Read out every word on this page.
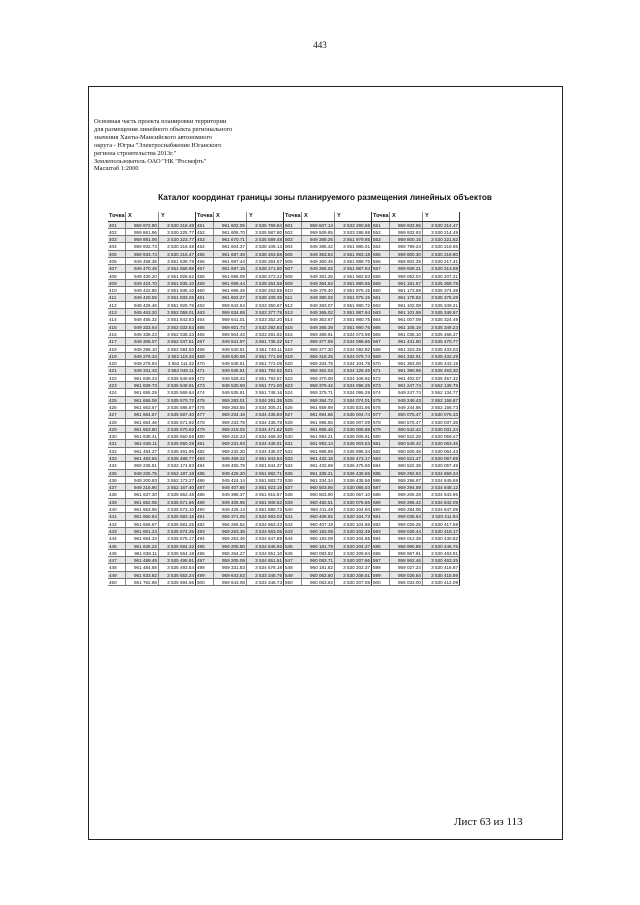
443
Основная часть проекта планировки территории
для размещения линейного объекта регионального
значения Ханты-Мансийского автономного
округа - Югры "Электроснабжение Юганского
региона строительства 2013г."
Землепользователь ОАО "НК "Роснефть"
Масштаб 1:2000
Каталог координат границы зоны планируемого размещения линейных объектов
Точка X	Y
401	959 972.80	3 530 218.48
402	959 861.96	3 530 225.77
403	959 891.06	3 530 223.77
404	959 932.73	3 530 216.48
405	959 933.73	3 530 216.47
406	949 458.36	3 551 639.78
407	949 470.48	3 551 658.88
408	949 430.20	3 551 928.52
409	949 424.70	3 551 935.10
410	949 422.86	3 551 935.10
411	949 420.55	3 551 933.26
412	949 426.46	3 551 925.76
413	949 463.20	3 552 059.01
414	949 455.32	3 551 843.83
415	949 333.64	3 552 033.63
416	949 338.23	3 552 038.33
417	949 306.07	3 552 047.51
418	949 298.10	3 552 084.93
419	949 279.34	3 552 119.33
420	949 275.94	3 552 111.32
421	949 331.43	3 552 046.11
422	961 839.43	3 535 549.69
423	961 839.73	3 535 549.91
424	961 655.29	3 535 569.64
425	961 656.06	3 535 570.72
426	961 663.67	3 535 586.87
427	961 664.67	3 535 587.40
428	961 654.46	3 535 571.92
429	961 653.60	3 535 570.82
430	961 638.41	3 535 550.59
431	961 636.11	3 535 550.28
432	961 484.27	3 535 491.96
433	961 483.56	3 535 488.77
434	959 235.51	3 532 174.83
435	949 225.75	3 552 187.18
436	949 200.83	3 552 173.27
437	949 216.90	3 552 167.40
438	961 637.30	3 535 552.48
439	961 652.06	3 535 571.66
440	961 653.96	3 535 573.10
441	961 660.84	3 535 583.15
442	961 656.67	3 535 581.25
443	961 651.24	3 535 574.35
444	961 654.34	3 535 575.17
445	961 636.22	3 535 584.33
446	961 636.11	3 535 564.18
447	961 489.49	3 535 495.91
448	961 484.68	3 535 493.54
449	961 633.82	3 535 552.24
450	961 762.88	3 535 694.66
Точка X	Y
451	961 602.05	3 535 769.84
452	961 606.70	3 535 587.80
453	961 670.71	3 535 589.48
454	961 604.37	3 538 108.13
455	961 697.49	3 538 263.68
456	961 697.44	3 538 264.67
457	961 697.15	3 538 271.80
458	961 695.09	3 538 273.22
459	961 696.44	3 538 264.58
460	961 695.49	3 538 263.59
461	961 602.27	3 538 109.35
462	959 642.54	3 533 350.67
463	959 634.89	3 533 377.79
464	959 641.01	3 533 352.20
465	959 601.73	3 533 292.83
466	959 504.43	3 533 281.82
467	949 641.97	3 561 736.32
468	949 540.91	3 561 746.11
469	949 530.59	3 551 771.06
470	949 538.51	3 551 772.08
471	949 536.61	3 551 792.52
472	949 526.42	3 551 792.57
473	949 530.59	3 551 771.00
474	949 535.61	3 551 748.16
475	959 283.01	3 534 291.35
476	959 283.55	3 534 305.21
477	959 234.16	3 534 435.83
478	959 233.78	3 534 436.78
479	959 219.02	3 534 471.62
480	959 218.23	3 534 468.30
481	959 231.93	3 534 436.01
482	959 232.30	3 534 435.07
483	949 459.32	3 551 843.64
484	949 455.79	3 551 844.37
485	949 425.20	3 551 882.71
486	949 424.14	3 551 883.73
487	949 407.85	3 551 923.15
488	949 398.37	3 551 915.57
489	949 405.95	3 551 908.52
490	949 426.14	3 551 880.73
491	959 371.05	3 534 693.03
492	958 265.52	3 534 653.43
493	959 263.36	3 534 653.05
494	959 253.46	3 534 647.89
495	959 205.80	3 534 645.93
496	958 264.27	3 534 651.10
497	959 205.09	3 534 651.51
498	959 331.83	3 534 678.18
499	959 643.63	3 533 348.75
500	959 643.08	3 533 348.73
Точка X	Y
501	959 507.14	3 533 290.58
502	959 509.85	3 533 288.68
503	949 389.26	3 551 979.85
504	949 385.42	3 551 985.01
505	949 363.84	3 551 993.18
506	949 360.45	3 551 989.76
507	949 365.02	3 551 987.94
508	949 381.26	3 551 982.93
509	949 364.63	3 551 980.55
510	949 379.40	3 551 975.15
511	949 380.02	3 551 975.15
512	949 383.07	3 551 980.72
513	949 365.02	3 551 987.94
514	949 363.67	3 551 980.75
515	949 365.39	3 551 990.76
516	959 389.91	3 534 073.98
517	959 377.59	3 534 095.96
518	959 377.30	3 534 092.92
519	959 318.25	3 534 076.74
520	959 334.75	3 534 104.78
521	959 362.03	3 534 128.46
522	959 370.08	3 534 108.92
523	959 379.42	3 534 096.25
524	959 375.71	3 534 095.28
525	959 384.72	3 534 074.01
526	961 659.98	3 535 831.86
527	961 694.66	3 536 004.74
528	961 995.56	3 536 007.09
529	961 695.46	3 536 006.88
530	961 993.21	3 536 005.91
531	961 993.14	3 536 003.63
532	961 986.89	3 535 996.34
533	961 432.16	3 536 473.17
534	961 432.69	3 536 475.56
535	961 335.21	3 536 436.65
536	961 334.34	3 536 435.56
537	960 503.86	3 530 065.03
538	960 503.90	3 530 067.10
539	960 482.51	3 530 075.86
540	960 411.49	3 530 104.94
541	960 408.92	3 530 104.73
542	960 407.19	3 530 104.86
543	960 183.09	3 530 202.49
544	960 183.09	3 530 204.55
545	960 181.79	3 530 204.37
546	960 083.82	3 530 209.94
547	960 083.71	3 530 207.96
548	960 181.82	3 530 202.37
549	960 063.60	3 530 208.51
550	960 063.63	3 530 207.08
Точка X	Y
551	959 933.65	3 530 214.47
552	959 932.63	3 530 214.49
553	959 800.15	3 530 221.82
554	959 799.24	3 530 219.65
555	959 800.30	3 530 219.80
556	958 802.29	3 530 217.41
557	959 939.21	3 530 213.69
558	959 062.04	3 530 207.21
559	961 181.67	3 535 369.78
560	961 173.69	3 535 374.39
561	961 178.62	3 535 378.28
562	961 102.08	3 535 349.21
563	961 101.59	3 535 348.97
564	961 007.09	3 535 324.49
565	961 105.19	3 535 349.23
566	961 038.10	3 535 468.37
567	961 431.50	3 535 470.77
568	961 323.29	3 535 433.03
569	961 332.91	3 535 432.29
570	961 363.08	3 535 443.19
571	961 390.96	3 535 453.30
572	961 402.07	3 535 457.32
573	961 247.74	3 562 138.78
574	949 247.74	3 552 134.77
575	949 248.43	3 552 158.87
576	949 244.86	3 552 156.73
577	950 075.47	3 530 076.33
578	960 575.47	3 530 037.36
579	960 542.42	3 530 031.24
580	960 522.28	3 530 059.47
581	960 549.42	3 530 063.46
582	960 505.48	3 530 064.43
583	960 521.47	3 530 067.69
584	960 522.38	3 530 057.49
585	959 292.63	3 534 659.34
586	959 296.67	3 534 649.69
587	959 294.59	3 534 648.12
588	959 206.28	3 534 643.95
589	959 285.42	3 534 642.09
590	959 284.06	3 534 647.09
591	959 036.54	3 530 411.84
592	959 029.25	3 530 417.59
593	959 026.44	3 530 418.17
594	959 012.48	3 530 430.62
595	958 990.88	3 530 446.76
596	958 967.91	3 530 463.91
597	958 962.46	3 530 463.25
598	959 027.24	3 530 416.87
599	959 026.84	3 530 415.89
600	956 033.00	3 530 412.09
Лист 63 из 113
